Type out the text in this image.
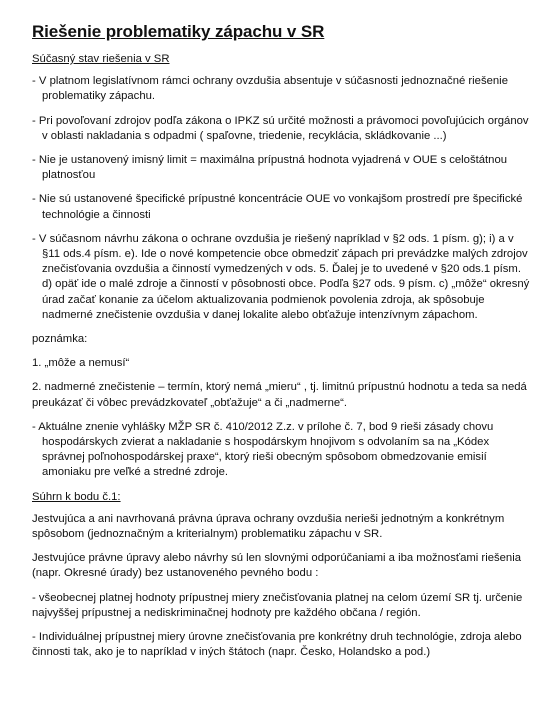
Riešenie problematiky zápachu v SR

Súčasný stav riešenia v SR

- V platnom legislatívnom rámci ochrany ovzdušia absentuje v súčasnosti jednoznačné riešenie problematiky zápachu.

- Pri povoľovaní zdrojov podľa zákona o IPKZ sú určité možnosti a právomoci povoľujúcich orgánov v oblasti nakladania s odpadmi ( spaľovne, triedenie, recyklácia, skládkovanie ...)

- Nie je ustanovený imisný limit = maximálna prípustná hodnota vyjadrená v OUE s celoštátnou platnosťou

- Nie sú ustanovené špecifické prípustné koncentrácie OUE vo vonkajšom prostredí pre špecifické technológie a činnosti

- V súčasnom návrhu zákona o ochrane ovzdušia je riešený napríklad v §2 ods. 1 písm. g); i) a v §11 ods.4 písm. e). Ide o nové kompetencie obce obmedziť zápach pri prevádzke malých zdrojov znečisťovania ovzdušia a činností vymedzených v ods. 5. Ďalej je to uvedené v §20 ods.1 písm. d) opäť ide o malé zdroje a činností v pôsobnosti obce. Podľa §27 ods. 9 písm. c) „môže“ okresný úrad začať konanie za účelom aktualizovania podmienok povolenia zdroja, ak spôsobuje nadmerné znečistenie ovzdušia v danej lokalite alebo obťažuje intenzívnym zápachom.

poznámka:

1. „môže a nemusí“

2. nadmerné znečistenie – termín, ktorý nemá „mieru“ , tj. limitnú prípustnú hodnotu a teda sa nedá preukázať či vôbec prevádzkovateľ „obťažuje“ a či „nadmerne“.

- Aktuálne znenie vyhlášky MŽP SR č. 410/2012 Z.z. v prílohe č. 7, bod 9 rieši zásady chovu hospodárskych zvierat a nakladanie s hospodárskym hnojivom s odvolaním sa na „Kódex správnej poľnohospodárskej praxe“, ktorý rieši obecným spôsobom obmedzovanie emisií amoniaku pre veľké a stredné zdroje.

Súhrn k bodu č.1:

Jestvujúca a ani navrhovaná právna úprava ochrany ovzdušia nerieši jednotným a konkrétnym spôsobom (jednoznačným a kriterialnym) problematiku zápachu v SR.

Jestvujúce právne úpravy alebo návrhy sú len slovnými odporúčaniami a iba možnosťami riešenia (napr. Okresné úrady) bez ustanoveného pevného bodu :

- všeobecnej platnej hodnoty prípustnej miery znečisťovania platnej na celom území SR tj. určenie najvyššej prípustnej a nediskriminačnej hodnoty pre každého občana / región.

- Individuálnej prípustnej miery úrovne znečisťovania pre konkrétny druh technológie, zdroja alebo činnosti tak, ako je to napríklad v iných štátoch (napr. Česko, Holandsko a pod.)
